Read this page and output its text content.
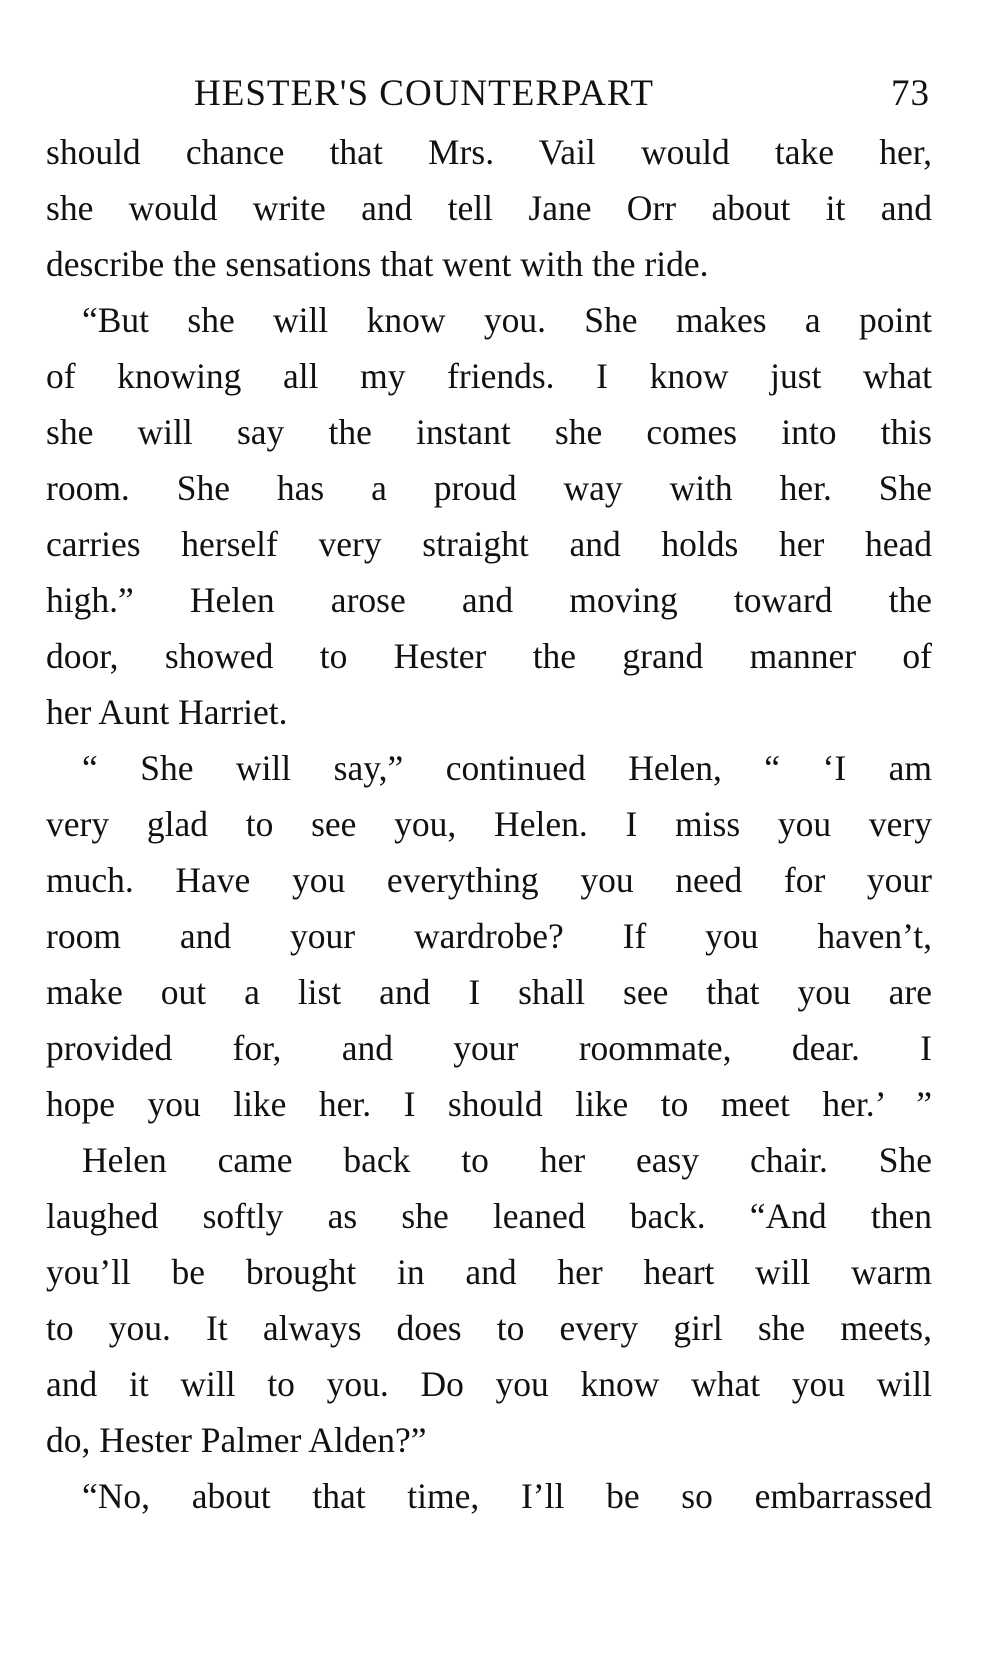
HESTER'S COUNTERPART	73
should chance that Mrs. Vail would take her,
she would write and tell Jane Orr about it and
describe the sensations that went with the ride.
“But she will know you. She makes a point
of knowing all my friends. I know just what
she will say the instant she comes into this
room. She has a proud way with her. She
carries herself very straight and holds her head
high.” Helen arose and moving toward the
door, showed to Hester the grand manner of
her Aunt Harriet.
“ She will say,” continued Helen, “ ‘I am
very glad to see you, Helen. I miss you very
much. Have you everything you need for your
room and your wardrobe? If you haven’t,
make out a list and I shall see that you are
provided for, and your roommate, dear. I
hope you like her. I should like to meet her.’ ”
Helen came back to her easy chair. She
laughed softly as she leaned back. “And then
you’ll be brought in and her heart will warm
to you. It always does to every girl she meets,
and it will to you. Do you know what you will
do, Hester Palmer Alden?”
“No, about that time, I’ll be so embarrassed
